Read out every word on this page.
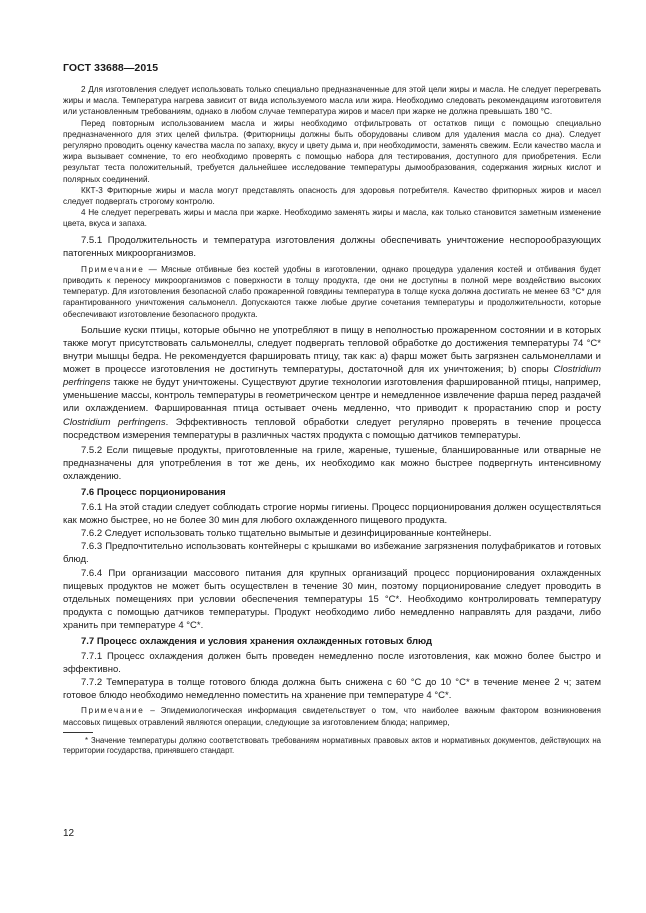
ГОСТ 33688—2015

2 Для изготовления следует использовать только специально предназначенные для этой цели жиры и масла. Не следует перегревать жиры и масла. Температура нагрева зависит от вида используемого масла или жира. Необходимо следовать рекомендациям изготовителя или установленным требованиям, однако в любом случае температура жиров и масел при жарке не должна превышать 180 °С.

Перед повторным использованием масла и жиры необходимо отфильтровать от остатков пищи с помощью специально предназначенного для этих целей фильтра. (Фритюрницы должны быть оборудованы сливом для удаления масла со дна). Следует регулярно проводить оценку качества масла по запаху, вкусу и цвету дыма и, при необходимости, заменять свежим. Если качество масла и жира вызывает сомнение, то его необходимо проверять с помощью набора для тестирования, доступного для приобретения. Если результат теста положительный, требуется дальнейшее исследование температуры дымообразования, содержания жирных кислот и полярных соединений.

ККТ-3 Фритюрные жиры и масла могут представлять опасность для здоровья потребителя. Качество фритюрных жиров и масел следует подвергать строгому контролю.

4 Не следует перегревать жиры и масла при жарке. Необходимо заменять жиры и масла, как только становится заметным изменение цвета, вкуса и запаха.

7.5.1 Продолжительность и температура изготовления должны обеспечивать уничтожение неспорообразующих патогенных микроорганизмов.

Примечание — Мясные отбивные без костей удобны в изготовлении, однако процедура удаления костей и отбивания будет приводить к переносу микроорганизмов с поверхности в толщу продукта, где они не доступны в полной мере воздействию высоких температур. Для изготовления безопасной слабо прожаренной говядины температура в толще куска должна достигать не менее 63 °С* для гарантированного уничтожения сальмонелл. Допускаются также любые другие сочетания температуры и продолжительности, которые обеспечивают изготовление безопасного продукта.

Большие куски птицы, которые обычно не употребляют в пищу в неполностью прожаренном состоянии и в которых также могут присутствовать сальмонеллы, следует подвергать тепловой обработке до достижения температуры 74 °С* внутри мышцы бедра. Не рекомендуется фаршировать птицу, так как: а) фарш может быть загрязнен сальмонеллами и может в процессе изготовления не достигнуть температуры, достаточной для их уничтожения; b) споры Clostridium perfringens также не будут уничтожены. Существуют другие технологии изготовления фаршированной птицы, например, уменьшение массы, контроль температуры в геометрическом центре и немедленное извлечение фарша перед раздачей или охлаждением. Фаршированная птица остывает очень медленно, что приводит к прорастанию спор и росту Clostridium perfringens. Эффективность тепловой обработки следует регулярно проверять в течение процесса посредством измерения температуры в различных частях продукта с помощью датчиков температуры.

7.5.2 Если пищевые продукты, приготовленные на гриле, жареные, тушеные, бланшированные или отварные не предназначены для употребления в тот же день, их необходимо как можно быстрее подвергнуть интенсивному охлаждению.

7.6 Процесс порционирования

7.6.1 На этой стадии следует соблюдать строгие нормы гигиены. Процесс порционирования должен осуществляться как можно быстрее, но не более 30 мин для любого охлажденного пищевого продукта.

7.6.2 Следует использовать только тщательно вымытые и дезинфицированные контейнеры.

7.6.3 Предпочтительно использовать контейнеры с крышками во избежание загрязнения полуфабрикатов и готовых блюд.

7.6.4 При организации массового питания для крупных организаций процесс порционирования охлажденных пищевых продуктов не может быть осуществлен в течение 30 мин, поэтому порционирование следует проводить в отдельных помещениях при условии обеспечения температуры 15 °С*. Необходимо контролировать температуру продукта с помощью датчиков температуры. Продукт необходимо либо немедленно направлять для раздачи, либо хранить при температуре 4 °С*.

7.7 Процесс охлаждения и условия хранения охлажденных готовых блюд

7.7.1 Процесс охлаждения должен быть проведен немедленно после изготовления, как можно более быстро и эффективно.

7.7.2 Температура в толще готового блюда должна быть снижена с 60 °С до 10 °С* в течение менее 2 ч; затем готовое блюдо необходимо немедленно поместить на хранение при температуре 4 °С*.

Примечание – Эпидемиологическая информация свидетельствует о том, что наиболее важным фактором возникновения массовых пищевых отравлений являются операции, следующие за изготовлением блюда; например,

* Значение температуры должно соответствовать требованиям нормативных правовых актов и нормативных документов, действующих на территории государства, принявшего стандарт.

12
